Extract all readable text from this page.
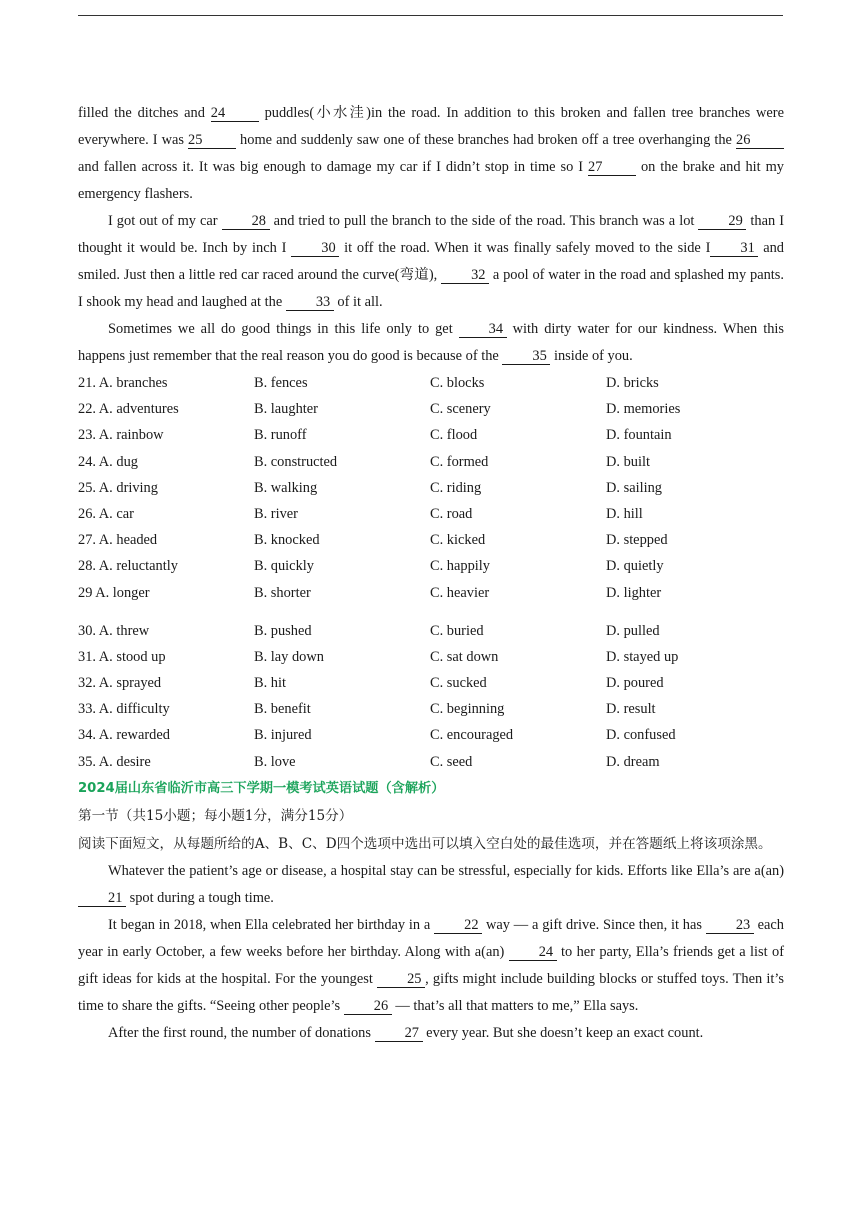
filled the ditches and 24 puddles(小水洼)in the road. In addition to this broken and fallen tree branches were everywhere. I was 25 home and suddenly saw one of these branches had broken off a tree overhanging the 26 and fallen across it. It was big enough to damage my car if I didn’t stop in time so I 27 on the brake and hit my emergency flashers.

I got out of my car 28 and tried to pull the branch to the side of the road. This branch was a lot 29 than I thought it would be. Inch by inch I 30 it off the road. When it was finally safely moved to the side I 31 and smiled. Just then a little red car raced around the curve(弯道), 32 a pool of water in the road and splashed my pants. I shook my head and laughed at the 33 of it all.

Sometimes we all do good things in this life only to get 34 with dirty water for our kindness. When this happens just remember that the real reason you do good is because of the 35 inside of you.

21. A. branches	B. fences	C. blocks	D. bricks
22. A. adventures	B. laughter	C. scenery	D. memories
23. A. rainbow	B. runoff	C. flood	D. fountain
24. A. dug	B. constructed	C. formed	D. built
25. A. driving	B. walking	C. riding	D. sailing
26. A. car	B. river	C. road	D. hill
27. A. headed	B. knocked	C. kicked	D. stepped
28. A. reluctantly	B. quickly	C. happily	D. quietly
29 A. longer	B. shorter	C. heavier	D. lighter
30. A. threw	B. pushed	C. buried	D. pulled
31. A. stood up	B. lay down	C. sat down	D. stayed up
32. A. sprayed	B. hit	C. sucked	D. poured
33. A. difficulty	B. benefit	C. beginning	D. result
34. A. rewarded	B. injured	C. encouraged	D. confused
35. A. desire	B. love	C. seed	D. dream
2024届山东省临沂市高三下学期一模考试英语试题（含解析）

第一节（共15小题；每小题1分，满分15分）

阅读下面短文，从每题所给的A、B、C、D四个选项中选出可以填入空白处的最佳选项，并在答题纸上将该项涂黑。

Whatever the patient’s age or disease, a hospital stay can be stressful, especially for kids. Efforts like Ella’s are a(an) 21 spot during a tough time.

It began in 2018, when Ella celebrated her birthday in a 22 way — a gift drive. Since then, it has 23 each year in early October, a few weeks before her birthday. Along with a(an) 24 to her party, Ella’s friends get a list of gift ideas for kids at the hospital. For the youngest 25 , gifts might include building blocks or stuffed toys. Then it’s time to share the gifts. “Seeing other people’s 26 — that’s all that matters to me,” Ella says.

After the first round, the number of donations 27 every year. But she doesn’t keep an exact count.
